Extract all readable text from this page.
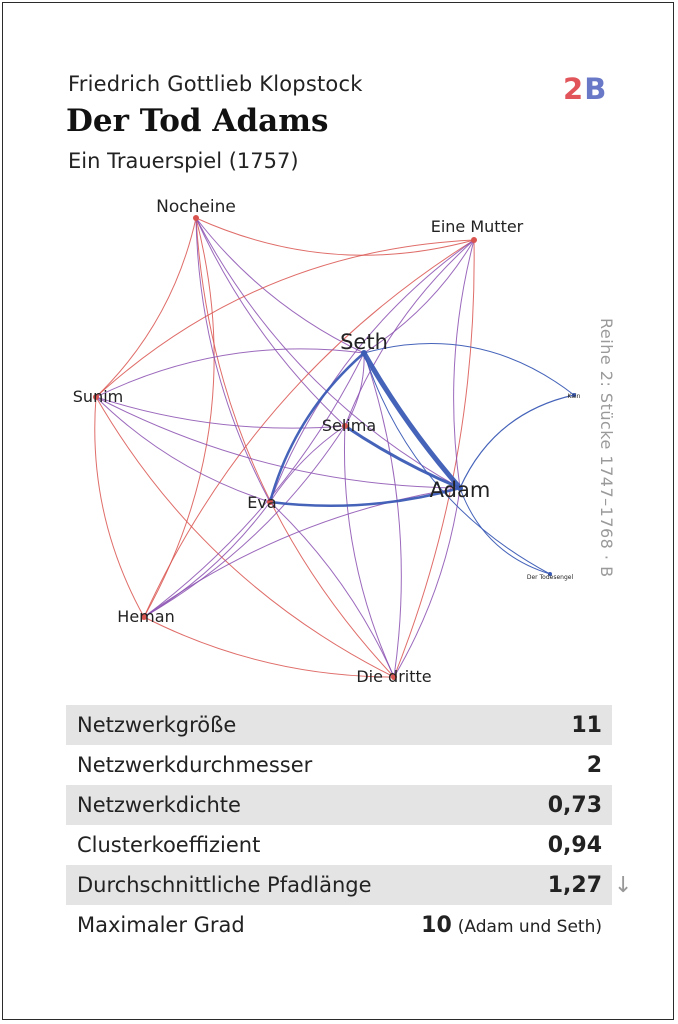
Friedrich Gottlieb Klopstock
Der Tod Adams
Ein Trauerspiel (1757)
2B
Reihe 2: Stücke 1747–1768 · B
Nocheine
Eine Mutter
Seth
Sunim
Selima
Adam
Eva
Heman
Die dritte
Kain
Der Todesengel
Netzwerkgröße	11
Netzwerkdurchmesser	2
Netzwerkdichte	0,73
Clusterkoeffizient	0,94
Durchschnittliche Pfadlänge	1,27
Maximaler Grad	10 (Adam und Seth)
↓
